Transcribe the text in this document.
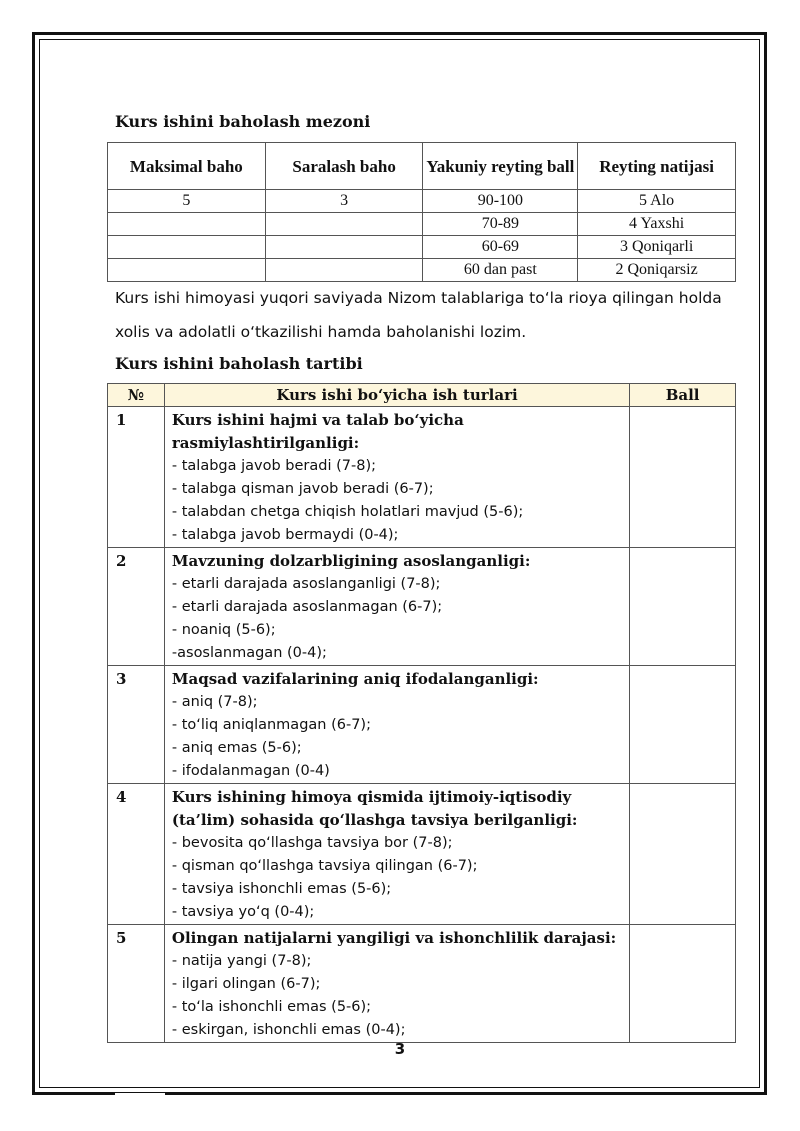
Kurs ishini baholash mezoni
Maksimal baho	Saralash baho	Yakuniy reyting ball	Reyting natijasi
5	3	90-100	5 Alo
		70-89	4 Yaxshi
		60-69	3 Qoniqarli
		60 dan past	2 Qoniqarsiz
Kurs ishi himoyasi yuqori saviyada Nizom talablariga to‘la rioya qilingan holda
xolis va adolatli o‘tkazilishi hamda baholanishi lozim.
Kurs ishini baholash tartibi
№	Kurs ishi bo‘yicha ish turlari	Ball
1	Kurs ishini hajmi va talab bo‘yicha rasmiylashtirilganligi:
- talabga javob beradi (7-8);
- talabga qisman javob beradi (6-7);
- talabdan chetga chiqish holatlari mavjud (5-6);
- talabga javob bermaydi (0-4);	

2	Mavzuning dolzarbligining asoslanganligi:
- etarli darajada asoslanganligi (7-8);
- etarli darajada asoslanmagan (6-7);
- noaniq (5-6);
-asoslanmagan (0-4);	

3	Maqsad vazifalarining aniq ifodalanganligi:
- aniq (7-8);
- to‘liq aniqlanmagan (6-7);
- aniq emas (5-6);
- ifodalanmagan (0-4)	

4	Kurs ishining himoya qismida ijtimoiy-iqtisodiy (ta’lim) sohasida qo‘llashga tavsiya berilganligi:
- bevosita qo‘llashga tavsiya bor (7-8);
- qisman qo‘llashga tavsiya qilingan (6-7);
- tavsiya ishonchli emas (5-6);
- tavsiya yo‘q (0-4);	

5	Olingan natijalarni yangiligi va ishonchlilik darajasi:
- natija yangi (7-8);
- ilgari olingan (6-7);
- to‘la ishonchli emas (5-6);
- eskirgan, ishonchli emas (0-4);	

3
